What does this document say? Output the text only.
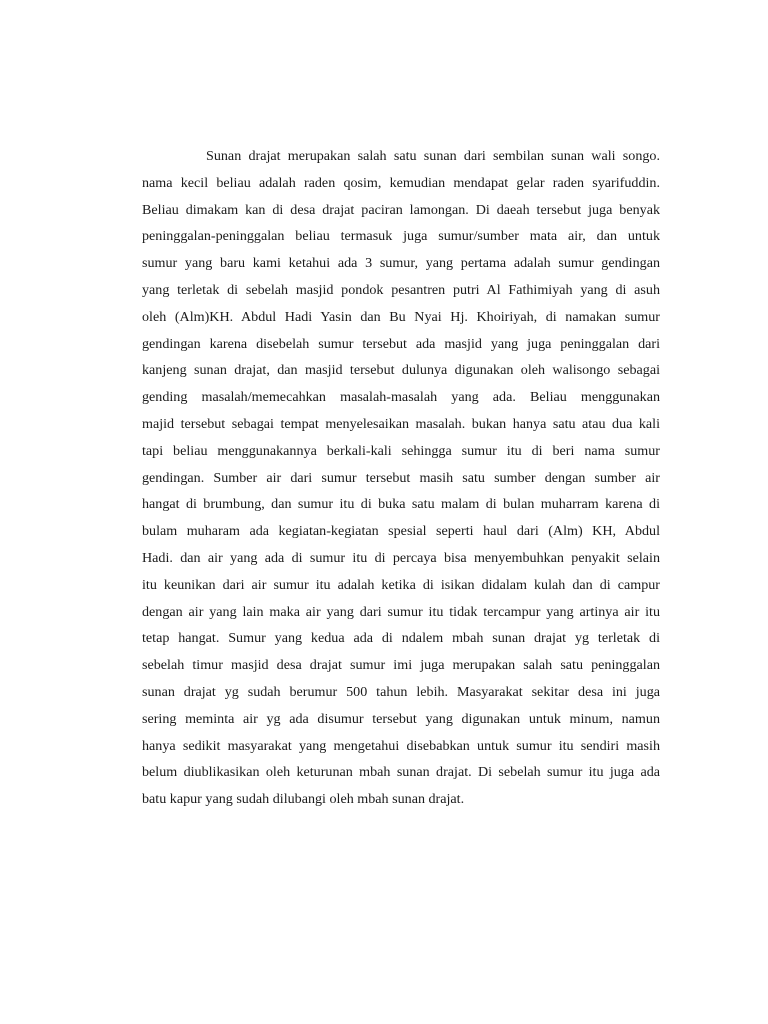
Sunan drajat merupakan salah satu sunan dari sembilan sunan wali songo.
nama kecil beliau adalah raden qosim, kemudian mendapat gelar raden syarifuddin.
Beliau dimakam kan di desa drajat paciran lamongan. Di daeah tersebut juga benyak
peninggalan-peninggalan beliau termasuk juga sumur/sumber mata air, dan untuk
sumur yang baru kami ketahui ada 3 sumur, yang pertama adalah sumur gendingan
yang terletak di sebelah masjid pondok pesantren putri Al Fathimiyah yang di asuh
oleh (Alm)KH. Abdul Hadi Yasin dan Bu Nyai Hj. Khoiriyah, di namakan sumur
gendingan karena disebelah sumur tersebut ada masjid yang juga peninggalan dari
kanjeng sunan drajat, dan masjid tersebut dulunya digunakan oleh walisongo sebagai
gending masalah/memecahkan masalah-masalah yang ada. Beliau menggunakan
majid tersebut sebagai tempat menyelesaikan masalah. bukan hanya satu atau dua kali
tapi beliau menggunakannya berkali-kali sehingga sumur itu di beri nama sumur
gendingan. Sumber air dari sumur tersebut masih satu sumber dengan sumber air
hangat di brumbung, dan sumur itu di buka satu malam di bulan muharram karena di
bulam muharam ada kegiatan-kegiatan spesial seperti haul dari (Alm) KH, Abdul
Hadi. dan air yang ada di sumur itu di percaya bisa menyembuhkan penyakit selain
itu keunikan dari air sumur itu adalah ketika di isikan didalam kulah dan di campur
dengan air yang lain maka air yang dari sumur itu tidak tercampur yang artinya air itu
tetap hangat. Sumur yang kedua ada di ndalem mbah sunan drajat yg terletak di
sebelah timur masjid desa drajat sumur imi juga merupakan salah satu peninggalan
sunan drajat yg sudah berumur 500 tahun lebih. Masyarakat sekitar desa ini juga
sering meminta air yg ada disumur tersebut yang digunakan untuk minum, namun
hanya sedikit masyarakat yang mengetahui disebabkan untuk sumur itu sendiri masih
belum diublikasikan oleh keturunan mbah sunan drajat. Di sebelah sumur itu juga ada
batu kapur yang sudah dilubangi oleh mbah sunan drajat.
